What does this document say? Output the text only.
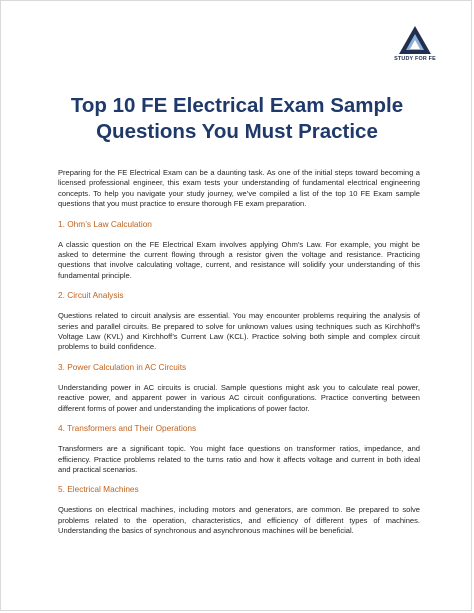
STUDY FOR FE
Top 10 FE Electrical Exam Sample
Questions You Must Practice

Preparing for the FE Electrical Exam can be a daunting task. As one of the initial steps toward becoming a licensed professional engineer, this exam tests your understanding of fundamental electrical engineering concepts. To help you navigate your study journey, we’ve compiled a list of the top 10 FE Exam sample questions that you must practice to ensure thorough FE exam preparation.

1. Ohm’s Law Calculation

A classic question on the FE Electrical Exam involves applying Ohm’s Law. For example, you might be asked to determine the current flowing through a resistor given the voltage and resistance. Practicing questions that involve calculating voltage, current, and resistance will solidify your understanding of this fundamental principle.

2. Circuit Analysis

Questions related to circuit analysis are essential. You may encounter problems requiring the analysis of series and parallel circuits. Be prepared to solve for unknown values using techniques such as Kirchhoff’s Voltage Law (KVL) and Kirchhoff’s Current Law (KCL). Practice solving both simple and complex circuit problems to build confidence.

3. Power Calculation in AC Circuits

Understanding power in AC circuits is crucial. Sample questions might ask you to calculate real power, reactive power, and apparent power in various AC circuit configurations. Practice converting between different forms of power and understanding the implications of power factor.

4. Transformers and Their Operations

Transformers are a significant topic. You might face questions on transformer ratios, impedance, and efficiency. Practice problems related to the turns ratio and how it affects voltage and current in both ideal and practical scenarios.

5. Electrical Machines

Questions on electrical machines, including motors and generators, are common. Be prepared to solve problems related to the operation, characteristics, and efficiency of different types of machines. Understanding the basics of synchronous and asynchronous machines will be beneficial.
